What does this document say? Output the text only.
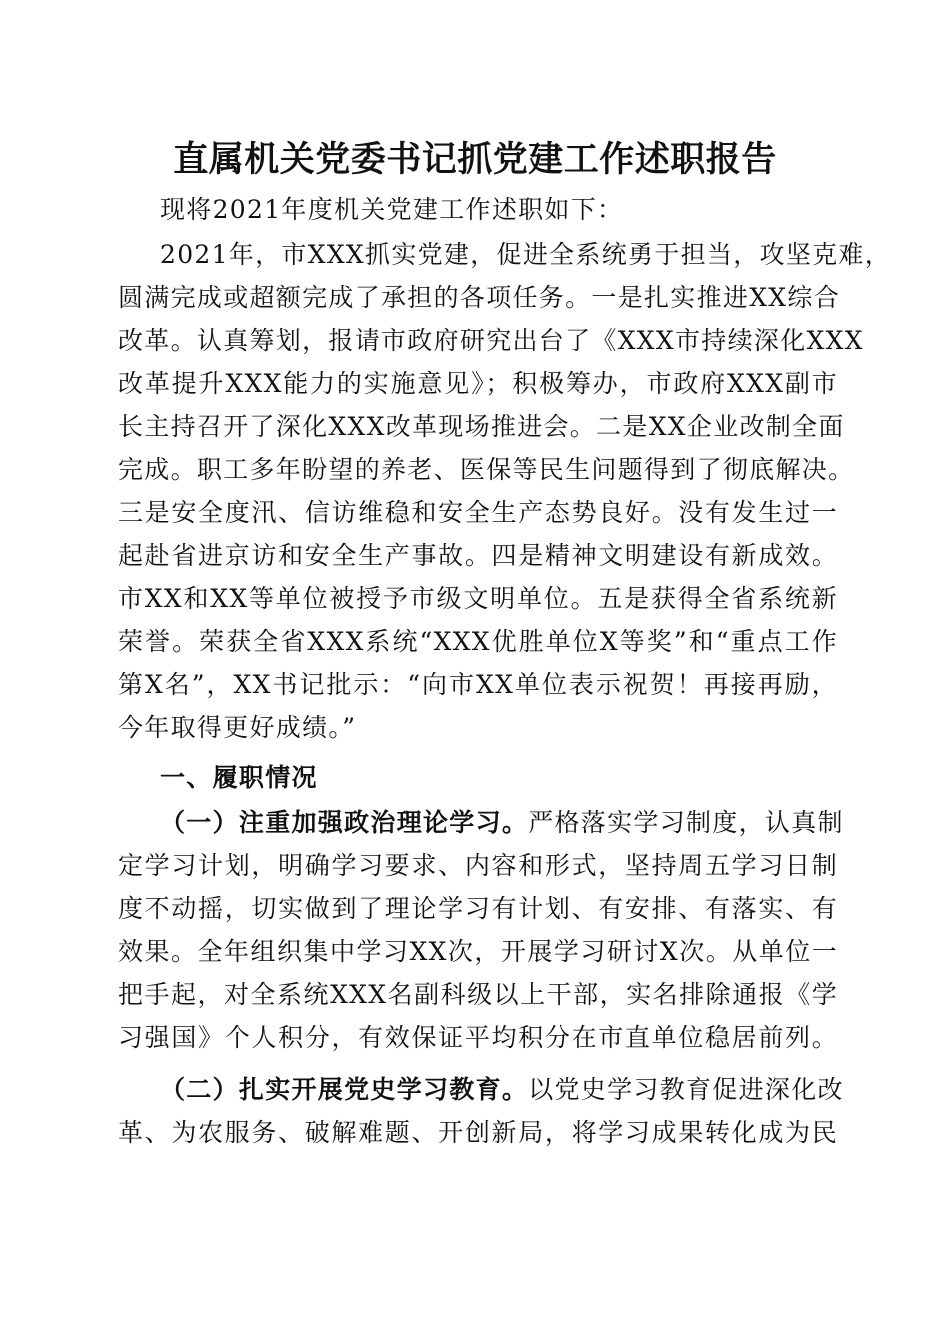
直属机关党委书记抓党建工作述职报告
现将2021年度机关党建工作述职如下：
2021年，市XXX抓实党建，促进全系统勇于担当，攻坚克难，
圆满完成或超额完成了承担的各项任务。一是扎实推进XX综合
改革。认真筹划，报请市政府研究出台了《XXX市持续深化XXX
改革提升XXX能力的实施意见》；积极筹办，市政府XXX副市
长主持召开了深化XXX改革现场推进会。二是XX企业改制全面
完成。职工多年盼望的养老、医保等民生问题得到了彻底解决。
三是安全度汛、信访维稳和安全生产态势良好。没有发生过一
起赴省进京访和安全生产事故。四是精神文明建设有新成效。
市XX和XX等单位被授予市级文明单位。五是获得全省系统新
荣誉。荣获全省XXX系统“XXX优胜单位X等奖”和“重点工作
第X名”，XX书记批示：“向市XX单位表示祝贺！再接再励，
今年取得更好成绩。”
一、履职情况
（一）注重加强政治理论学习。严格落实学习制度，认真制
定学习计划，明确学习要求、内容和形式，坚持周五学习日制
度不动摇，切实做到了理论学习有计划、有安排、有落实、有
效果。全年组织集中学习XX次，开展学习研讨X次。从单位一
把手起，对全系统XXX名副科级以上干部，实名排除通报《学
习强国》个人积分，有效保证平均积分在市直单位稳居前列。
（二）扎实开展党史学习教育。以党史学习教育促进深化改
革、为农服务、破解难题、开创新局，将学习成果转化成为民
